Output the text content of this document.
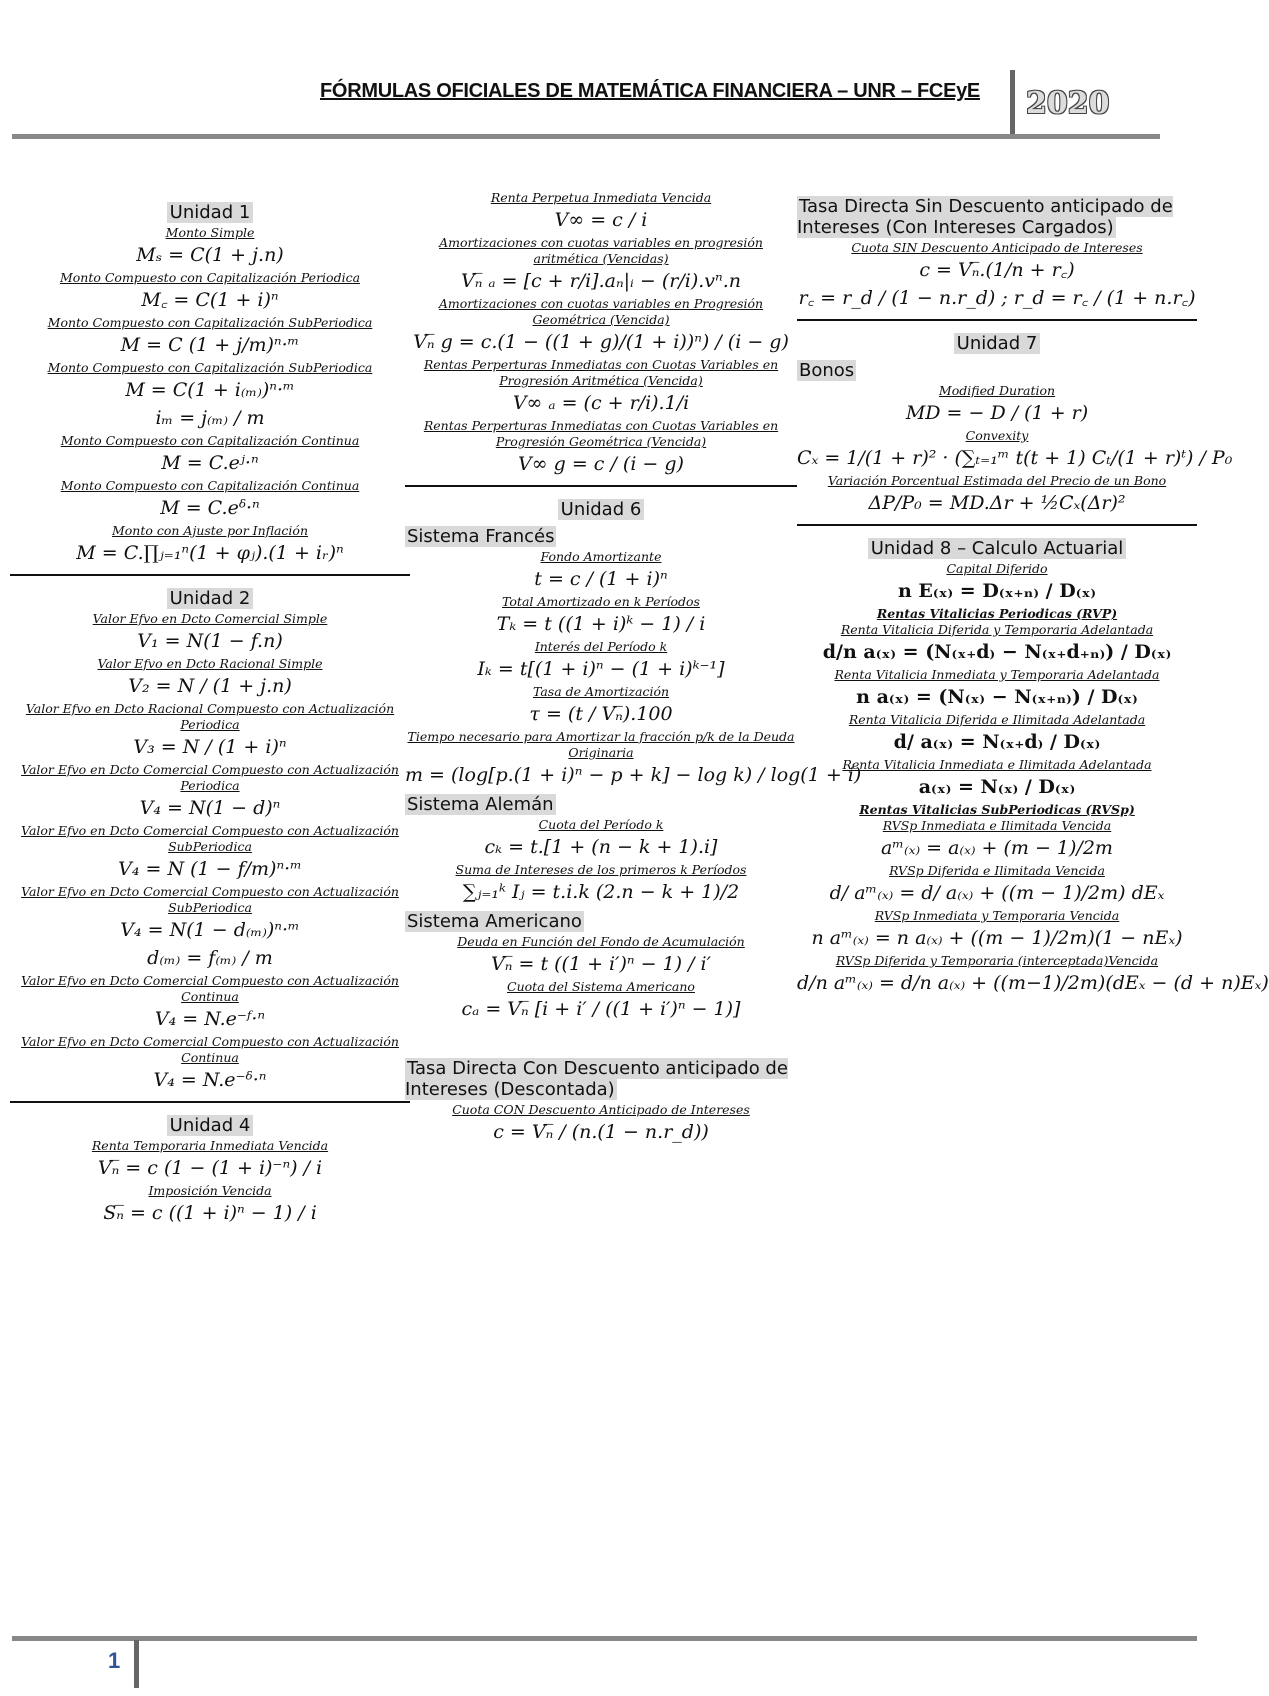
FÓRMULAS OFICIALES DE MATEMÁTICA FINANCIERA – UNR – FCEyE	2020
Unidad 1
Monto Simple
Mₛ = C(1 + j.n)
Monto Compuesto con Capitalización Periodica
M꜀ = C(1 + i)ⁿ
Monto Compuesto con Capitalización SubPeriodica
M = C (1 + j/m)ⁿ·ᵐ
Monto Compuesto con Capitalización SubPeriodica
M = C(1 + i₍ₘ₎)ⁿ·ᵐ
iₘ = j₍ₘ₎ / m
Monto Compuesto con Capitalización Continua
M = C.eʲ·ⁿ
Monto Compuesto con Capitalización Continua
M = C.eᵟ·ⁿ
Monto con Ajuste por Inflación
M = C.∏ⱼ₌₁ⁿ(1 + φⱼ).(1 + iᵣ)ⁿ
Unidad 2
Valor Efvo en Dcto Comercial Simple
V₁ = N(1 − f.n)
Valor Efvo en Dcto Racional Simple
V₂ = N / (1 + j.n)
Valor Efvo en Dcto Racional Compuesto con Actualización Periodica
V₃ = N / (1 + i)ⁿ
Valor Efvo en Dcto Comercial Compuesto con Actualización Periodica
V₄ = N(1 − d)ⁿ
Valor Efvo en Dcto Comercial Compuesto con Actualización SubPeriodica
V₄ = N (1 − f/m)ⁿ·ᵐ
Valor Efvo en Dcto Comercial Compuesto con Actualización SubPeriodica
V₄ = N(1 − d₍ₘ₎)ⁿ·ᵐ
d₍ₘ₎ = f₍ₘ₎ / m
Valor Efvo en Dcto Comercial Compuesto con Actualización Continua
V₄ = N.e⁻ᶠ·ⁿ
Valor Efvo en Dcto Comercial Compuesto con Actualización Continua
V₄ = N.e⁻ᵟ·ⁿ
Unidad 4
Renta Temporaria Inmediata Vencida
Vₙ̅ = c (1 − (1 + i)⁻ⁿ) / i
Imposición Vencida
Sₙ̅ = c ((1 + i)ⁿ − 1) / i
Renta Perpetua Inmediata Vencida
V∞ = c / i
Amortizaciones con cuotas variables en progresión aritmética (Vencidas)
Vₙ̅ ₐ = [c + r/i].aₙ|ᵢ − (r/i).vⁿ.n
Amortizaciones con cuotas variables en Progresión Geométrica (Vencida)
Vₙ̅ g = c.(1 − ((1 + g)/(1 + i))ⁿ) / (i − g)
Rentas Perperturas Inmediatas con Cuotas Variables en Progresión Aritmética (Vencida)
V∞ ₐ = (c + r/i).1/i
Rentas Perperturas Inmediatas con Cuotas Variables en Progresión Geométrica (Vencida)
V∞ g = c / (i − g)
Unidad 6
Sistema Francés
Fondo Amortizante
t = c / (1 + i)ⁿ
Total Amortizado en k Períodos
Tₖ = t ((1 + i)ᵏ − 1) / i
Interés del Período k
Iₖ = t[(1 + i)ⁿ − (1 + i)ᵏ⁻¹]
Tasa de Amortización
τ = (t / Vₙ̅).100
Tiempo necesario para Amortizar la fracción p/k de la Deuda Originaria
m = (log[p.(1 + i)ⁿ − p + k] − log k) / log(1 + i)
Sistema Alemán
Cuota del Período k
cₖ = t.[1 + (n − k + 1).i]
Suma de Intereses de los primeros k Períodos
∑ⱼ₌₁ᵏ Iⱼ = t.i.k (2.n − k + 1)/2
Sistema Americano
Deuda en Función del Fondo de Acumulación
Vₙ̅ = t ((1 + i′)ⁿ − 1) / i′
Cuota del Sistema Americano
cₐ = Vₙ̅ [i + i′ / ((1 + i′)ⁿ − 1)]
Tasa Directa Con Descuento anticipado de Intereses (Descontada)
Cuota CON Descuento Anticipado de Intereses
c = Vₙ̅ / (n.(1 − n.r_d))
Tasa Directa Sin Descuento anticipado de Intereses (Con Intereses Cargados)
Cuota SIN Descuento Anticipado de Intereses
c = Vₙ̅.(1/n + r꜀)
r꜀ = r_d / (1 − n.r_d) ; r_d = r꜀ / (1 + n.r꜀)
Unidad 7
Bonos
Modified Duration
MD = − D / (1 + r)
Convexity
Cₓ = 1/(1 + r)² · (∑ₜ₌₁ᵐ t(t + 1) Cₜ/(1 + r)ᵗ) / P₀
Variación Porcentual Estimada del Precio de un Bono
ΔP/P₀ = MD.Δr + ½Cₓ(Δr)²
Unidad 8 – Calculo Actuarial
Capital Diferido
n E₍ₓ₎ = D₍ₓ₊ₙ₎ / D₍ₓ₎
Rentas Vitalicias Periodicas (RVP)
Renta Vitalicia Diferida y Temporaria Adelantada
d/n a₍ₓ₎ = (N₍ₓ₊d₎ − N₍ₓ₊d₊ₙ₎) / D₍ₓ₎
Renta Vitalicia Inmediata y Temporaria Adelantada
n a₍ₓ₎ = (N₍ₓ₎ − N₍ₓ₊ₙ₎) / D₍ₓ₎
Renta Vitalicia Diferida e Ilimitada Adelantada
d/ a₍ₓ₎ = N₍ₓ₊d₎ / D₍ₓ₎
Renta Vitalicia Inmediata e Ilimitada Adelantada
a₍ₓ₎ = N₍ₓ₎ / D₍ₓ₎
Rentas Vitalicias SubPeriodicas (RVSp)
RVSp Inmediata e Ilimitada Vencida
aᵐ₍ₓ₎ = a₍ₓ₎ + (m − 1)/2m
RVSp Diferida e Ilimitada Vencida
d/ aᵐ₍ₓ₎ = d/ a₍ₓ₎ + ((m − 1)/2m) dEₓ
RVSp Inmediata y Temporaria Vencida
n aᵐ₍ₓ₎ = n a₍ₓ₎ + ((m − 1)/2m)(1 − nEₓ)
RVSp Diferida y Temporaria (interceptada)Vencida
d/n aᵐ₍ₓ₎ = d/n a₍ₓ₎ + ((m−1)/2m)(dEₓ − (d + n)Eₓ)
1
